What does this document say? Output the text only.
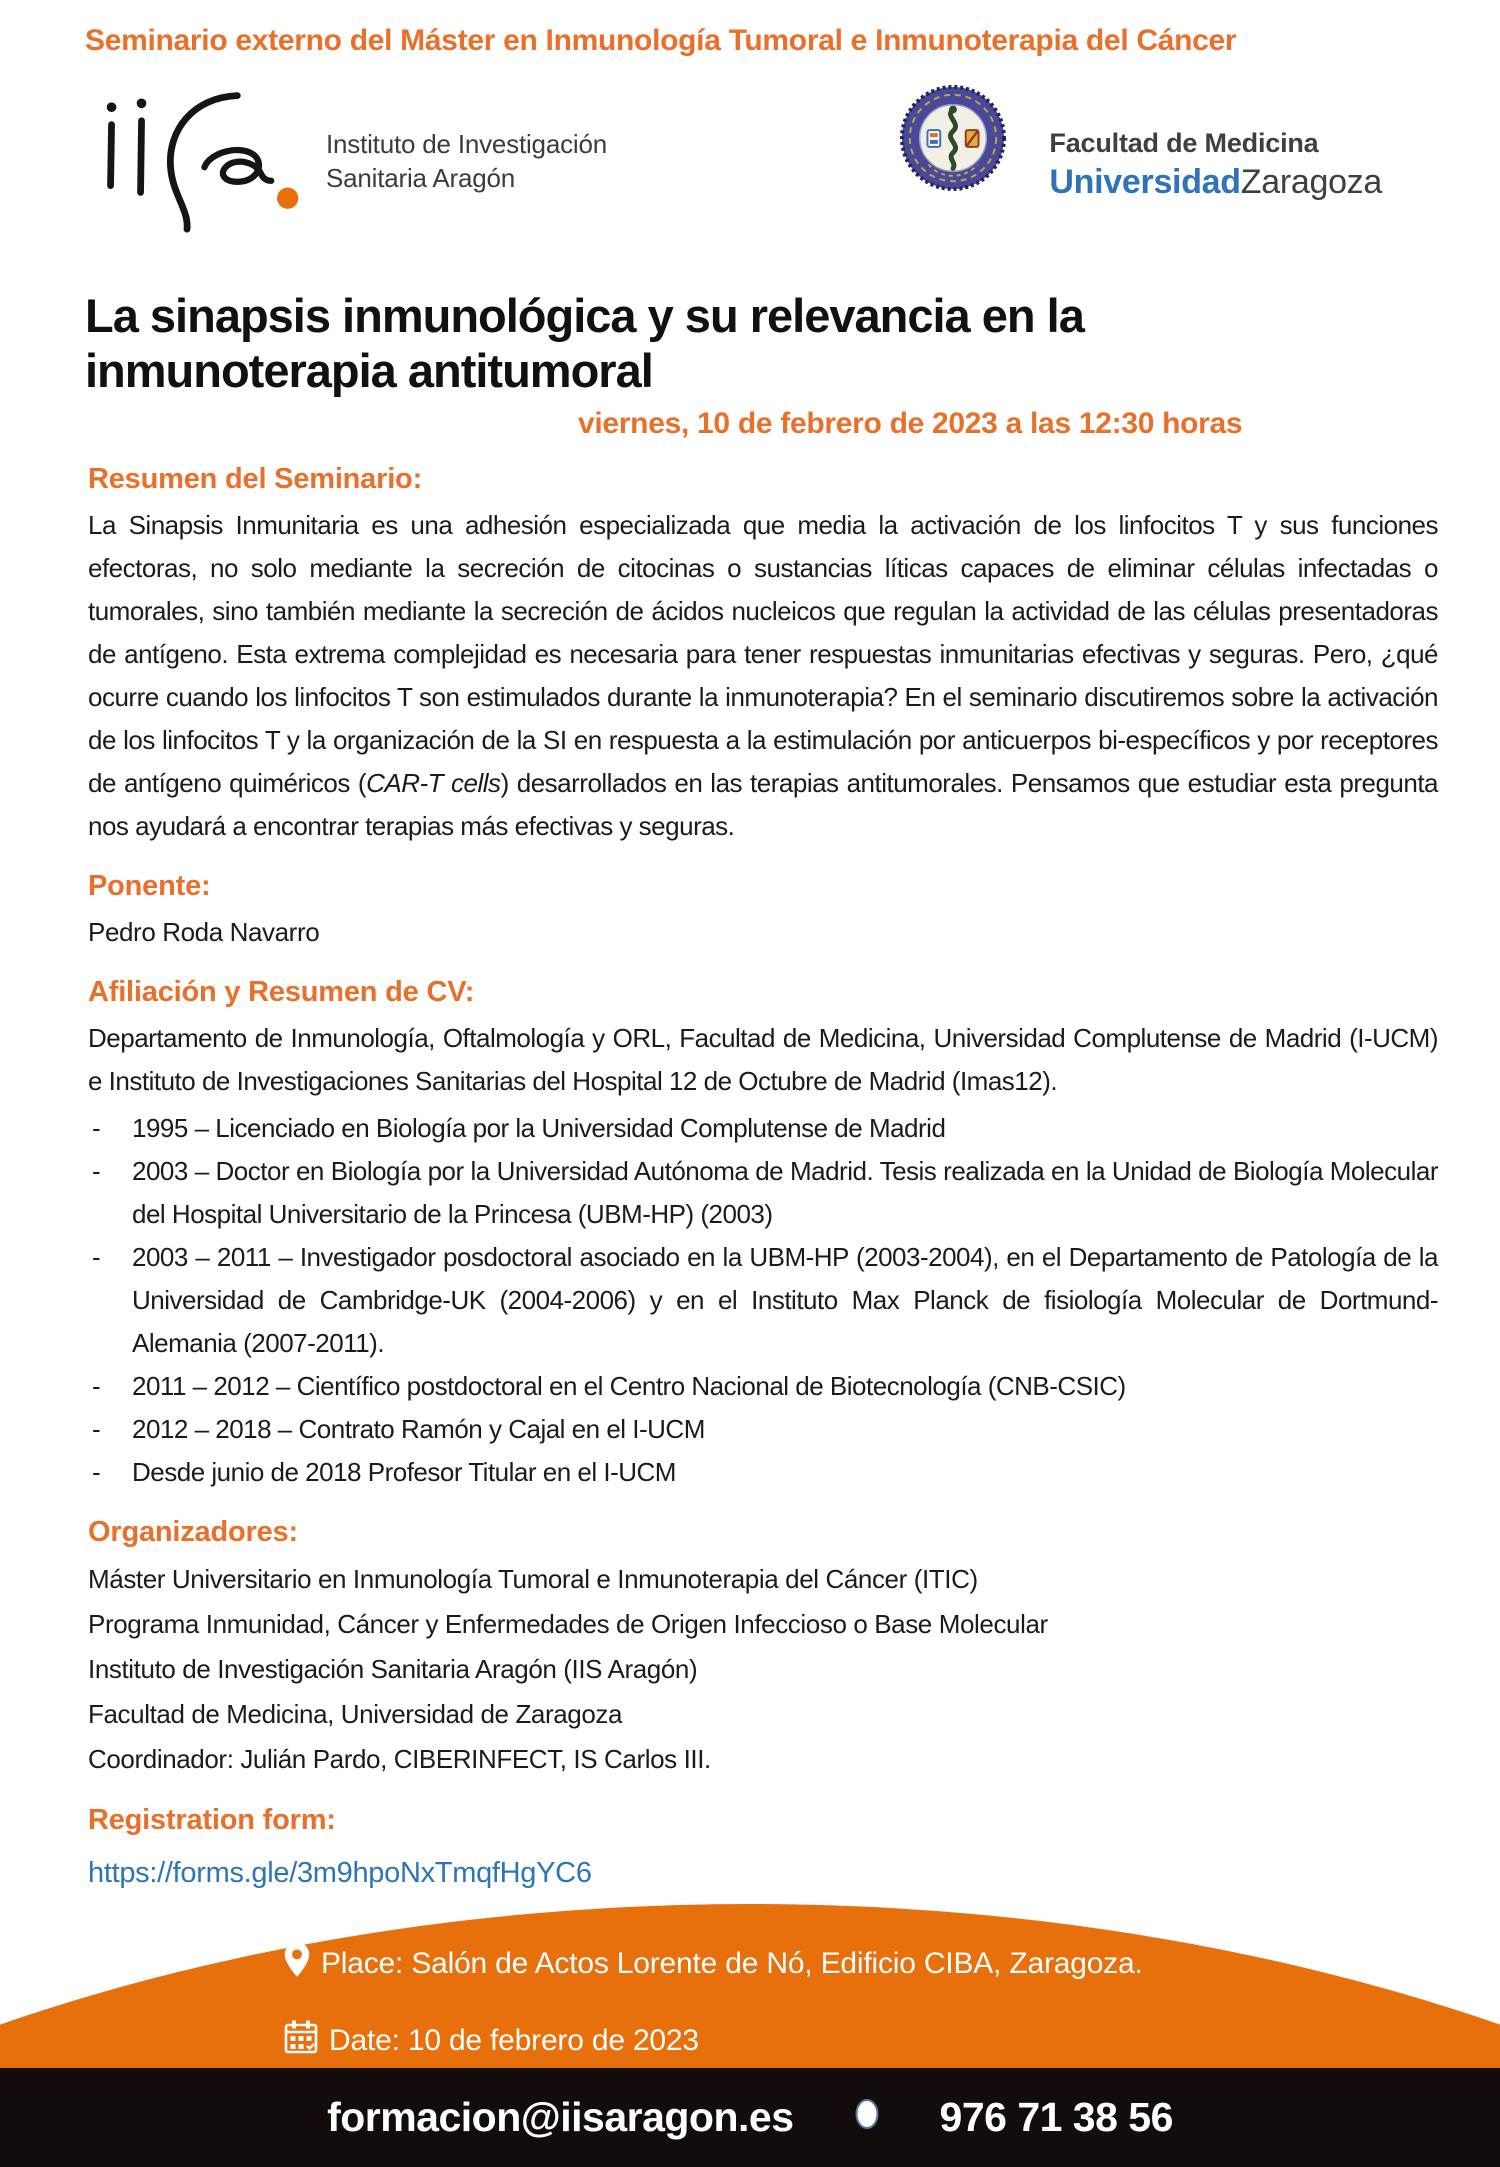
Seminario externo del Máster en Inmunología Tumoral e Inmunoterapia del Cáncer
Instituto de Investigación
Sanitaria Aragón
Facultad de Medicina
UniversidadZaragoza
La sinapsis inmunológica y su relevancia en la inmunoterapia antitumoral
viernes, 10 de febrero de 2023 a las 12:30 horas
Resumen del Seminario:

La Sinapsis Inmunitaria es una adhesión especializada que media la activación de los linfocitos T y sus funciones efectoras, no solo mediante la secreción de citocinas o sustancias líticas capaces de eliminar células infectadas o tumorales, sino también mediante la secreción de ácidos nucleicos que regulan la actividad de las células presentadoras de antígeno. Esta extrema complejidad es necesaria para tener respuestas inmunitarias efectivas y seguras. Pero, ¿qué ocurre cuando los linfocitos T son estimulados durante la inmunoterapia? En el seminario discutiremos sobre la activación de los linfocitos T y la organización de la SI en respuesta a la estimulación por anticuerpos bi-específicos y por receptores de antígeno quiméricos (CAR-T cells) desarrollados en las terapias antitumorales. Pensamos que estudiar esta pregunta nos ayudará a encontrar terapias más efectivas y seguras.

Ponente:

Pedro Roda Navarro

Afiliación y Resumen de CV:

Departamento de Inmunología, Oftalmología y ORL, Facultad de Medicina, Universidad Complutense de Madrid (I-UCM) e Instituto de Investigaciones Sanitarias del Hospital 12 de Octubre de Madrid (Imas12).

-	1995 – Licenciado en Biología por la Universidad Complutense de Madrid
-	2003 – Doctor en Biología por la Universidad Autónoma de Madrid. Tesis realizada en la Unidad de Biología Molecular del Hospital Universitario de la Princesa (UBM-HP) (2003)
-	2003 – 2011 – Investigador posdoctoral asociado en la UBM-HP (2003-2004), en el Departamento de Patología de la Universidad de Cambridge-UK (2004-2006) y en el Instituto Max Planck de fisiología Molecular de Dortmund-Alemania (2007-2011).
-	2011 – 2012 – Científico postdoctoral en el Centro Nacional de Biotecnología (CNB-CSIC)
-	2012 – 2018 – Contrato Ramón y Cajal en el I-UCM
-	Desde junio de 2018 Profesor Titular en el I-UCM
Organizadores:

Máster Universitario en Inmunología Tumoral e Inmunoterapia del Cáncer (ITIC)

Programa Inmunidad, Cáncer y Enfermedades de Origen Infeccioso o Base Molecular

Instituto de Investigación Sanitaria Aragón (IIS Aragón)

Facultad de Medicina, Universidad de Zaragoza

Coordinador: Julián Pardo, CIBERINFECT, IS Carlos III.

Registration form:
https://forms.gle/3m9hpoNxTmqfHgYC6
Place: Salón de Actos Lorente de Nó, Edificio CIBA, Zaragoza.
Date: 10 de febrero de 2023
formacion@iisaragon.es	976 71 38 56
